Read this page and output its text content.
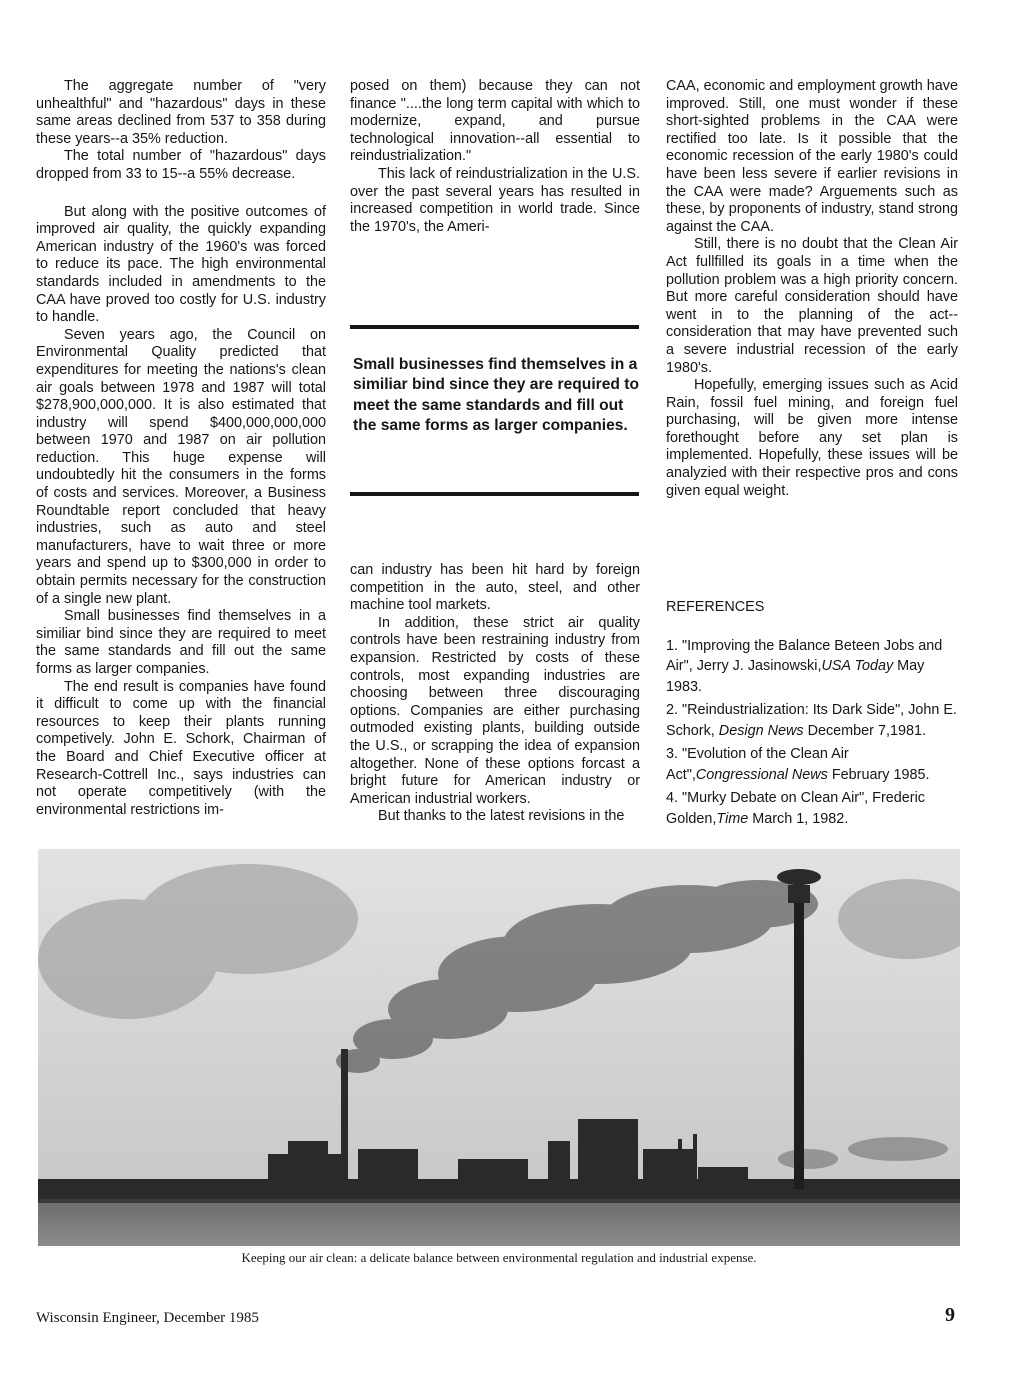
The aggregate number of "very unhealthful" and "hazardous" days in these same areas declined from 537 to 358 during these years--a 35% reduction.

The total number of "hazardous" days dropped from 33 to 15--a 55% decrease.

But along with the positive outcomes of improved air quality, the quickly expanding American industry of the 1960's was forced to reduce its pace. The high environmental standards included in amendments to the CAA have proved too costly for U.S. industry to handle.

Seven years ago, the Council on Environmental Quality predicted that expenditures for meeting the nations's clean air goals between 1978 and 1987 will total $278,900,000,000. It is also estimated that industry will spend $400,000,000,000 between 1970 and 1987 on air pollution reduction. This huge expense will undoubtedly hit the consumers in the forms of costs and services. Moreover, a Business Roundtable report concluded that heavy industries, such as auto and steel manufacturers, have to wait three or more years and spend up to $300,000 in order to obtain permits necessary for the construction of a single new plant.

Small businesses find themselves in a similiar bind since they are required to meet the same standards and fill out the same forms as larger companies.

The end result is companies have found it difficult to come up with the financial resources to keep their plants running competively. John E. Schork, Chairman of the Board and Chief Executive officer at Research-Cottrell Inc., says industries can not operate competitively (with the environmental restrictions im-

posed on them) because they can not finance "....the long term capital with which to modernize, expand, and pursue technological innovation--all essential to reindustrialization."

This lack of reindustrialization in the U.S. over the past several years has resulted in increased competition in world trade. Since the 1970's, the Ameri-

Small businesses find themselves in a similiar bind since they are required to meet the same standards and fill out the same forms as larger companies.

can industry has been hit hard by foreign competition in the auto, steel, and other machine tool markets.

In addition, these strict air quality controls have been restraining industry from expansion. Restricted by costs of these controls, most expanding industries are choosing between three discouraging options. Companies are either purchasing outmoded existing plants, building outside the U.S., or scrapping the idea of expansion altogether. None of these options forcast a bright future for American industry or American industrial workers.

But thanks to the latest revisions in the

CAA, economic and employment growth have improved. Still, one must wonder if these short-sighted problems in the CAA were rectified too late. Is it possible that the economic recession of the early 1980's could have been less severe if earlier revisions in the CAA were made? Arguements such as these, by proponents of industry, stand strong against the CAA.

Still, there is no doubt that the Clean Air Act fullfilled its goals in a time when the pollution problem was a high priority concern. But more careful consideration should have went in to the planning of the act--consideration that may have prevented such a severe industrial recession of the early 1980's.

Hopefully, emerging issues such as Acid Rain, fossil fuel mining, and foreign fuel purchasing, will be given more intense forethought before any set plan is implemented. Hopefully, these issues will be analyzied with their respective pros and cons given equal weight.

REFERENCES

1. "Improving the Balance Beteen Jobs and Air", Jerry J. Jasinowski,USA Today May 1983.

2. "Reindustrialization: Its Dark Side", John E. Schork, Design News December 7,1981.

3. "Evolution of the Clean Air Act",Congressional News February 1985.

4. "Murky Debate on Clean Air", Frederic Golden,Time March 1, 1982.

Keeping our air clean: a delicate balance between environmental regulation and industrial expense.
Wisconsin Engineer, December 1985	9
